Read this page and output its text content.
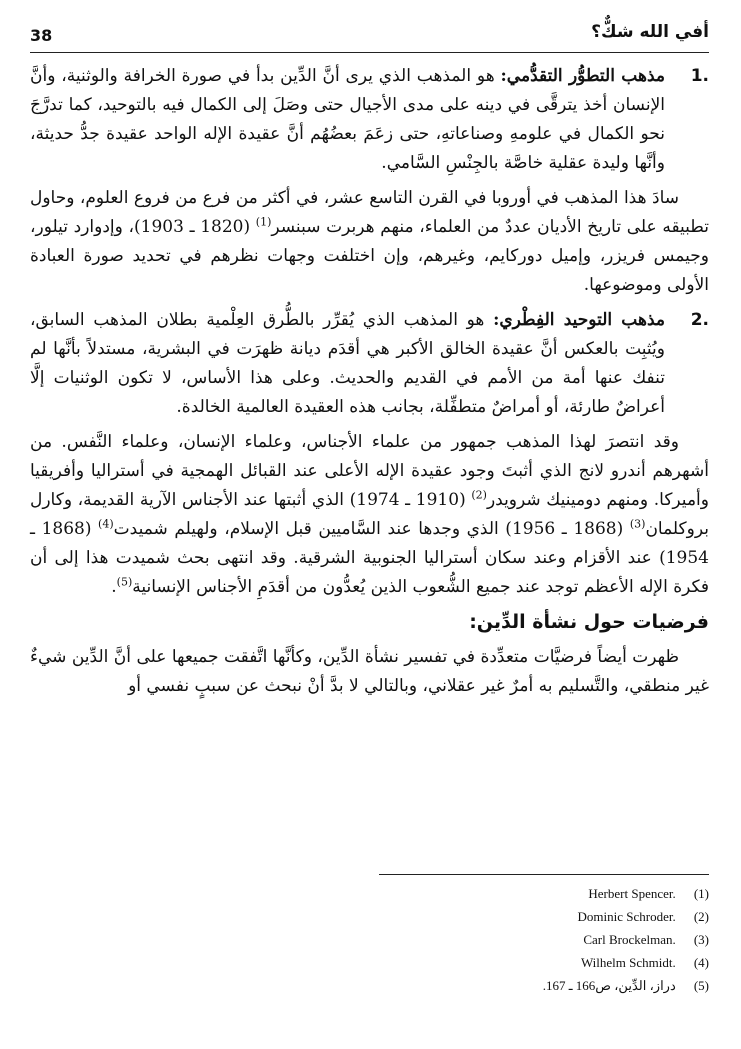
38	أفي الله شكٌّ؟

1.
مذهب التطوُّر التقدُّمي: هو المذهب الذي يرى أنَّ الدِّين بدأ في صورة الخرافة والوثنية، وأنَّ الإنسان أخذ يترقَّى في دينه على مدى الأجيال حتى وصَلَ إلى الكمال فيه بالتوحيد، كما تدرَّجَ نحو الكمال في علومهِ وصناعاتهِ، حتى زعَمَ بعضُهُم أنَّ عقيدة الإله الواحد عقيدة جدُّ حديثة، وأنَّها وليدة عقلية خاصَّة بالجِنْسِ السَّامي.

سادَ هذا المذهب في أوروبا في القرن التاسع عشر، في أكثر من فرع من فروع العلوم، وحاول تطبيقه على تاريخ الأديان عددٌ من العلماء، منهم هربرت سبنسر$^{(1)}$ (1820 ـ 1903)، وإدوارد تيلور، وجيمس فريزر، وإميل دوركايم، وغيرهم، وإن اختلفت وجهات نظرهم في تحديد صورة العبادة الأولى وموضوعها.

2.
مذهب التوحيد الفِطْري: هو المذهب الذي يُقرِّر بالطُّرق العِلْمية بطلان المذهب السابق، ويُثبِت بالعكس أنَّ عقيدة الخالق الأكبر هي أقدَم ديانة ظهرَت في البشرية، مستدلاً بأنَّها لم تنفك عنها أمة من الأمم في القديم والحديث. وعلى هذا الأساس، لا تكون الوثنيات إلَّا أعراضٌ طارئة، أو أمراضٌ متطفِّلة، بجانب هذه العقيدة العالمية الخالدة.

وقد انتصرَ لهذا المذهب جمهور من علماء الأجناس، وعلماء الإنسان، وعلماء النَّفس. من أشهرهم أندرو لانج الذي أثبتَ وجود عقيدة الإله الأعلى عند القبائل الهمجية في أستراليا وأفريقيا وأميركا. ومنهم دومينيك شرويدر$^{(2)}$ (1910 ـ 1974) الذي أثبتها عند الأجناس الآرية القديمة، وكارل بروكلمان$^{(3)}$ (1868 ـ 1956) الذي وجدها عند السَّاميين قبل الإسلام، ولهيلم شميدت$^{(4)}$ (1868 ـ 1954) عند الأقزام وعند سكان أستراليا الجنوبية الشرقية. وقد انتهى بحث شميدت هذا إلى أن فكرة الإله الأعظم توجد عند جميع الشُّعوب الذين يُعدُّون من أقدَمِ الأجناس الإنسانية$^{(5)}$.

فرضيات حول نشأة الدِّين:

ظهرت أيضاً فرضيَّات متعدِّدة في تفسير نشأة الدِّين، وكأنَّها اتَّفقت جميعها على أنَّ الدِّين شيءٌ غير منطقي، والتَّسليم به أمرٌ غير عقلاني، وبالتالي لا بدَّ أنْ نبحث عن سببٍ نفسي أو

(1) Herbert Spencer.
(2) Dominic Schroder.
(3) Carl Brockelman.
(4) Wilhelm Schmidt.
(5) دراز، الدِّين، ص166 ـ 167.
